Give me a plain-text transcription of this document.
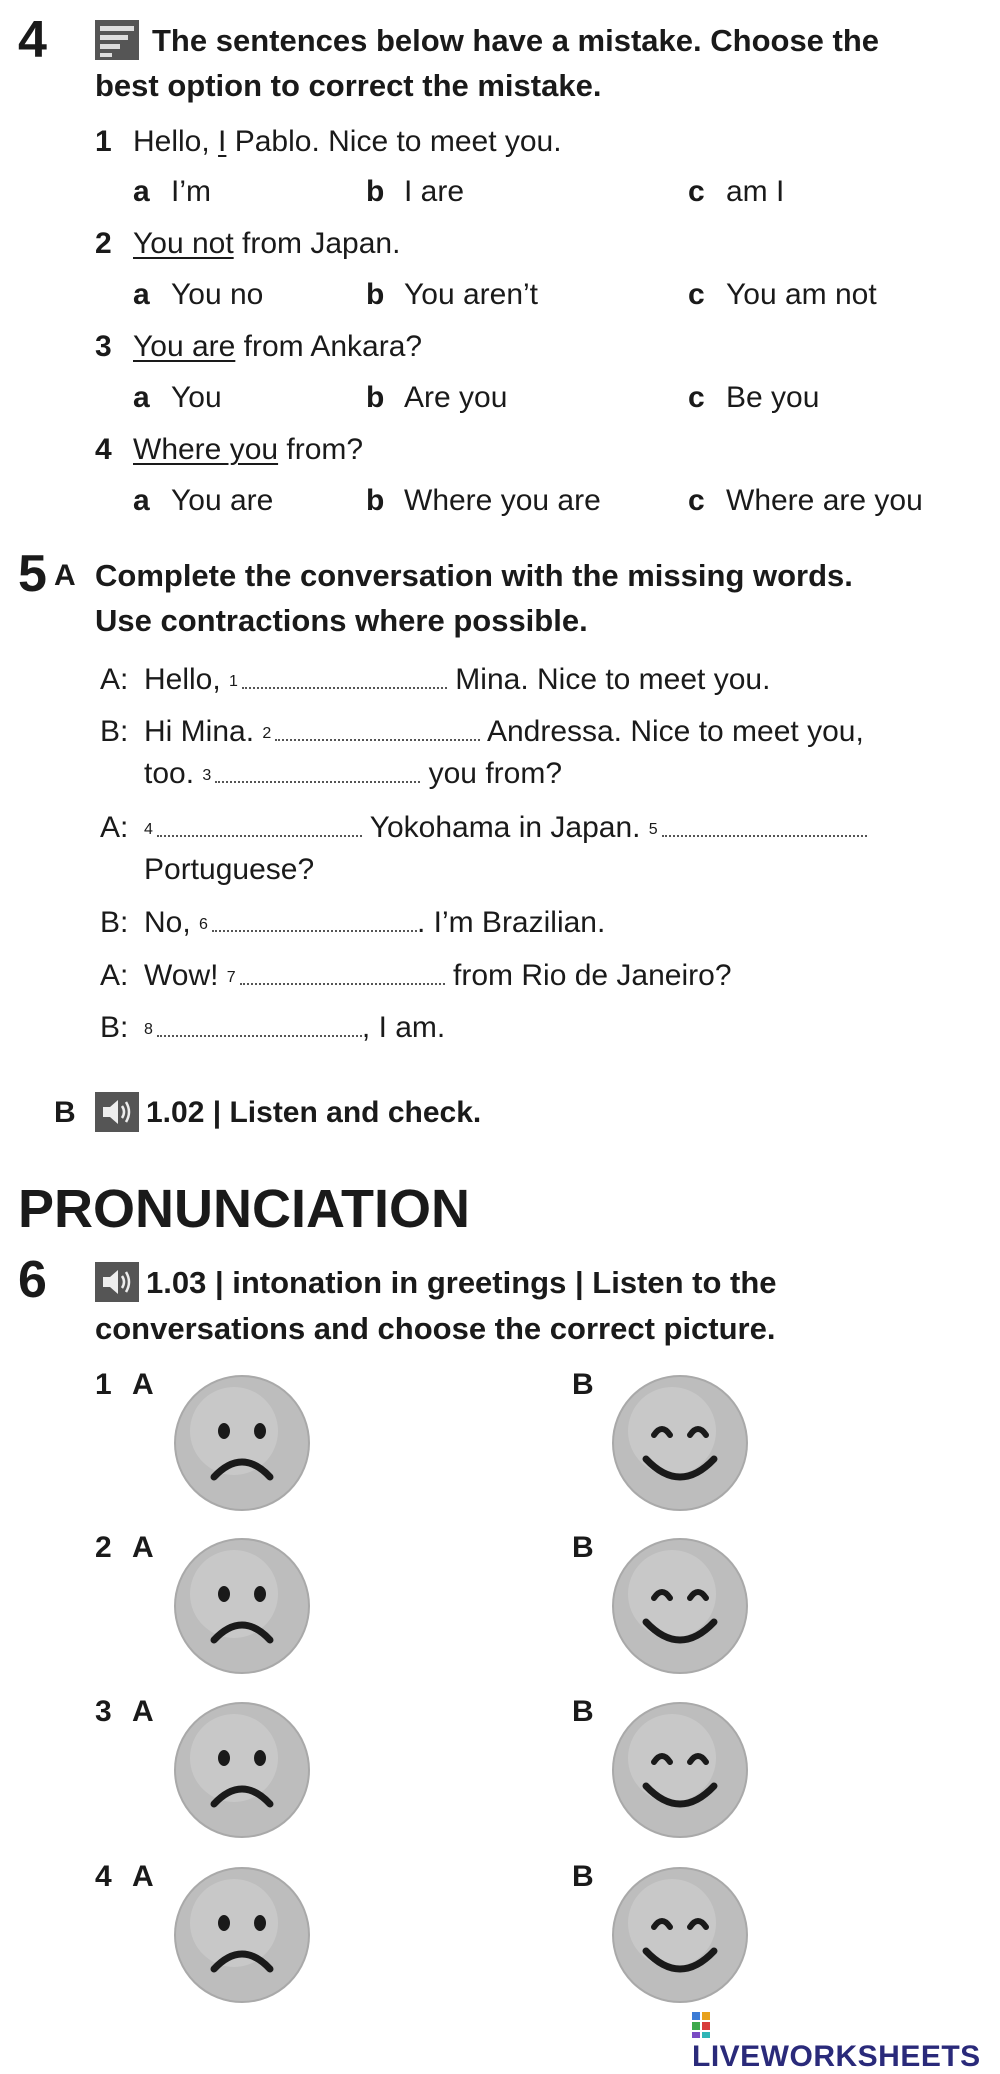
4	The sentences below have a mistake. Choose the
best option to correct the mistake.
1 Hello, I Pablo. Nice to meet you.
a I’m	b I are	c am I
2 You not from Japan.
a You no	b You aren’t	c You am not
3 You are from Ankara?
a You	b Are you	c Be you
4 Where you from?
a You are	b Where you are	c Where are you
5 A Complete the conversation with the missing words.
Use contractions where possible.
A: Hello, $^1$	Mina. Nice to meet you.
B: Hi Mina. $^2$	Andressa. Nice to meet you,
too. $^3$	you from?
A: $^4$	Yokohama in Japan. $^5$
Portuguese?
B: No, $^6$	. I’m Brazilian.
A: Wow! $^7$	from Rio de Janeiro?
B: $^8$	, I am.
B 1.02 | Listen and check.
PRONUNCIATION
6	1.03 | intonation in greetings | Listen to the
conversations and choose the correct picture.
1 A	B
2 A	B
3 A	B
4 A	B
LIVEWORKSHEETS
